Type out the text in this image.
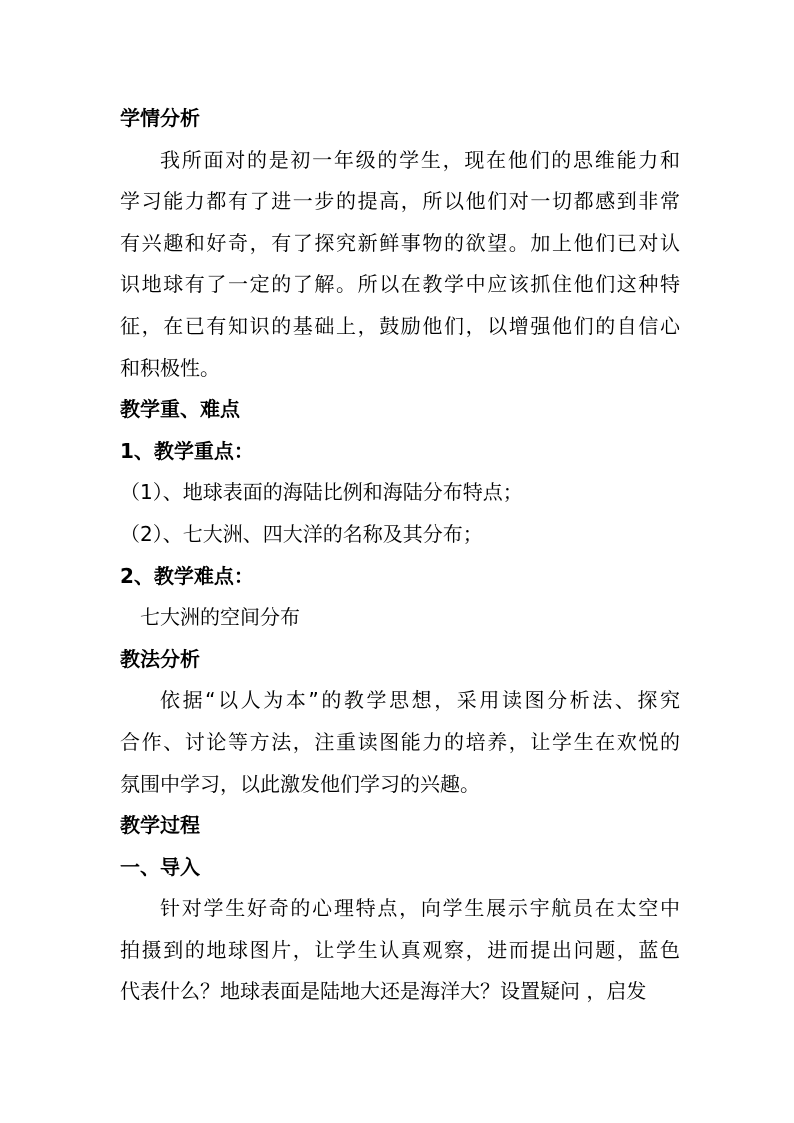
学情分析
我所面对的是初一年级的学生，现在他们的思维能力和
学习能力都有了进一步的提高，所以他们对一切都感到非常
有兴趣和好奇，有了探究新鲜事物的欲望。加上他们已对认
识地球有了一定的了解。所以在教学中应该抓住他们这种特
征，在已有知识的基础上，鼓励他们，以增强他们的自信心
和积极性。
教学重、难点
1、教学重点：
（1）、地球表面的海陆比例和海陆分布特点；
（2）、七大洲、四大洋的名称及其分布；
2、教学难点：
七大洲的空间分布
教法分析
依据“以人为本”的教学思想，采用读图分析法、探究
合作、讨论等方法，注重读图能力的培养，让学生在欢悦的
氛围中学习，以此激发他们学习的兴趣。
教学过程
一、导入
针对学生好奇的心理特点，向学生展示宇航员在太空中
拍摄到的地球图片，让学生认真观察，进而提出问题，蓝色
代表什么？地球表面是陆地大还是海洋大？设置疑问 ，启发
